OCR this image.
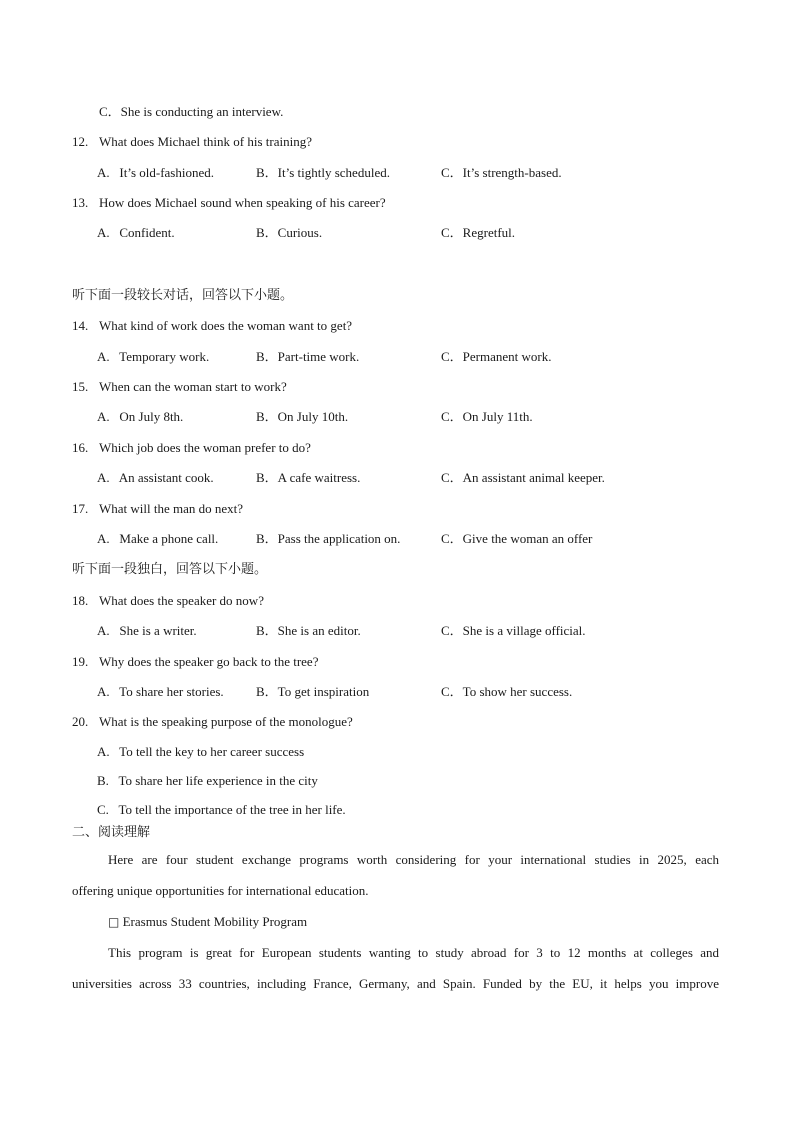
C．She is conducting an interview.
12. What does Michael think of his training?
A. It’s old-fashioned.	B．It’s tightly scheduled.	C．It’s strength-based.
13. How does Michael sound when speaking of his career?
A. Confident.	B．Curious.	C．Regretful.
听下面一段较长对话，回答以下小题。
14. What kind of work does the woman want to get?
A. Temporary work.	B．Part-time work.	C．Permanent work.
15. When can the woman start to work?
A. On July 8th.	B．On July 10th.	C．On July 11th.
16. Which job does the woman prefer to do?
A. An assistant cook.	B．A cafe waitress.	C．An assistant animal keeper.
17. What will the man do next?
A. Make a phone call.	B．Pass the application on.	C．Give the woman an offer
听下面一段独白，回答以下小题。
18. What does the speaker do now?
A. She is a writer.	B．She is an editor.	C．She is a village official.
19. Why does the speaker go back to the tree?
A. To share her stories. B．To get inspiration	C．To show her success.
20. What is the speaking purpose of the monologue?
A. To tell the key to her career success
B. To share her life experience in the city
C. To tell the importance of the tree in her life.
二、阅读理解
Here are four student exchange programs worth considering for your international studies in 2025, each
offering unique opportunities for international education.
□ Erasmus Student Mobility Program
This program is great for European students wanting to study abroad for 3 to 12 months at colleges and
universities across 33 countries, including France, Germany, and Spain. Funded by the EU, it helps you improve
